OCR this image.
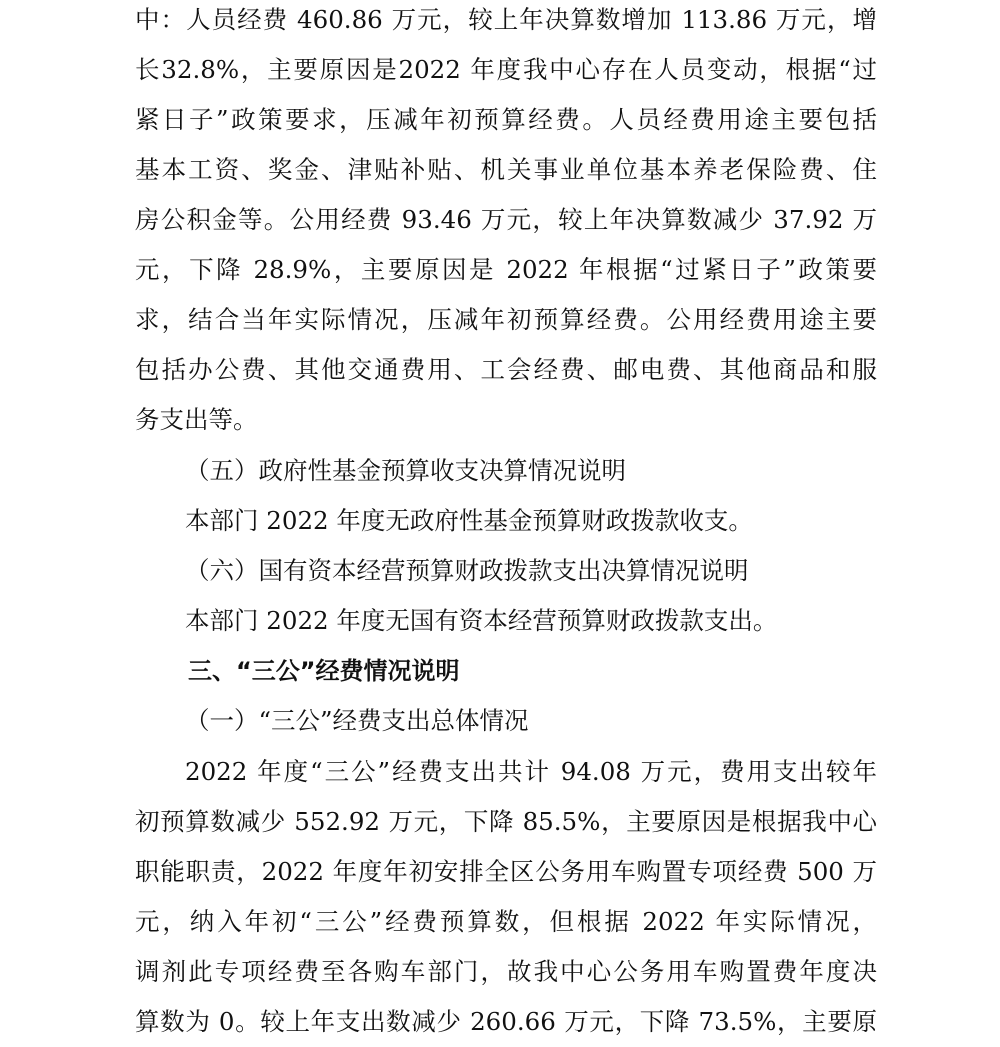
中：人员经费 460.86 万元，较上年决算数增加 113.86 万元，增
长32.8%，主要原因是2022 年度我中心存在人员变动，根据“过
紧日子”政策要求，压减年初预算经费。人员经费用途主要包括
基本工资、奖金、津贴补贴、机关事业单位基本养老保险费、住
房公积金等。公用经费 93.46 万元，较上年决算数减少 37.92 万
元，下降 28.9%，主要原因是 2022 年根据“过紧日子”政策要
求，结合当年实际情况，压减年初预算经费。公用经费用途主要
包括办公费、其他交通费用、工会经费、邮电费、其他商品和服
务支出等。
（五）政府性基金预算收支决算情况说明
本部门 2022 年度无政府性基金预算财政拨款收支。
（六）国有资本经营预算财政拨款支出决算情况说明
本部门 2022 年度无国有资本经营预算财政拨款支出。
三、“三公”经费情况说明
（一）“三公”经费支出总体情况
2022 年度“三公”经费支出共计 94.08 万元，费用支出较年
初预算数减少 552.92 万元，下降 85.5%，主要原因是根据我中心
职能职责，2022 年度年初安排全区公务用车购置专项经费 500 万
元，纳入年初“三公”经费预算数，但根据 2022 年实际情况，
调剂此专项经费至各购车部门，故我中心公务用车购置费年度决
算数为 0。较上年支出数减少 260.66 万元，下降 73.5%，主要原
